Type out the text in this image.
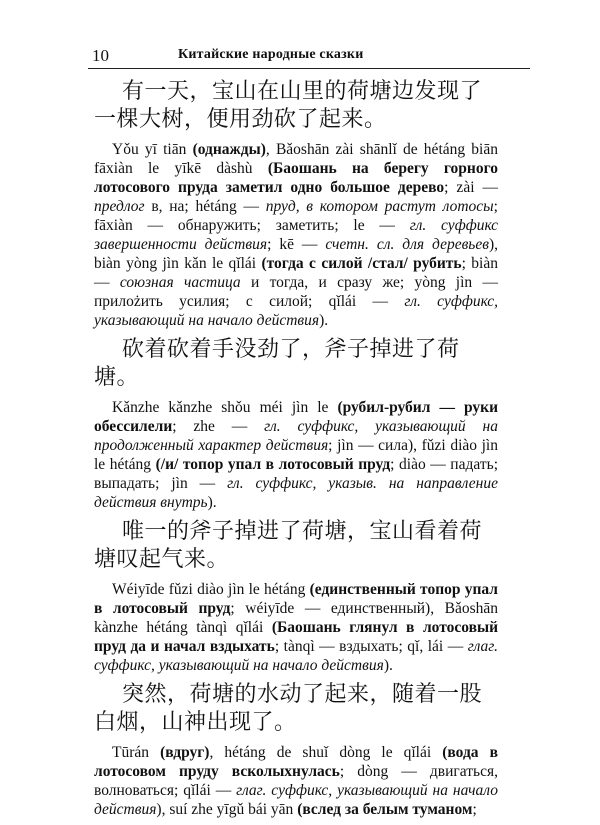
10	Китайские народные сказки

有一天，宝山在山里的荷塘边发现了一棵大树，便用劲砍了起来。

Yǒu yī tiān (однажды), Bǎoshān zài shānlǐ de hétáng biān fāxiàn le yīkē dàshù (Баошань на берегу горного лотосового пруда заметил одно большое дерево; zài — предлог в, на; hétáng — пруд, в котором растут лотосы; fāxiàn — обнаружить; заметить; le — гл. суффикс завершенности действия; kē — счетн. сл. для деревьев), biàn yòng jìn kǎn le qǐlái (тогда с силой /стал/ рубить; biàn — союзная частица и тогда, и сразу же; yòng jìn — прилożить усилия; с силой; qǐlái — гл. суффикс, указывающий на начало действия).

砍着砍着手没劲了，斧子掉进了荷塘。

Kǎnzhe kǎnzhe shǒu méi jìn le (рубил-рубил — руки обессилели; zhe — гл. суффикс, указывающий на продолженный характер действия; jìn — сила), fǔzi diào jìn le hétáng (/и/ топор упал в лотосовый пруд; diào — падать; выпадать; jìn — гл. суффикс, указыв. на направление действия внутрь).

唯一的斧子掉进了荷塘，宝山看着荷塘叹起气来。

Wéiyīde fǔzi diào jìn le hétáng (единственный топор упал в лотосовый пруд; wéiyīde — единственный), Bǎoshān kànzhe hétáng tànqì qǐlái (Баошань глянул в лотосовый пруд да и начал вздыхать; tànqì — вздыхать; qǐ, lái — глаг. суффикс, указывающий на начало действия).

突然，荷塘的水动了起来，随着一股白烟，山神出现了。

Tūrán (вдруг), hétáng de shuǐ dòng le qǐlái (вода в лотосовом пруду всколыхнулась; dòng — двигаться, волноваться; qǐlái — глаг. суффикс, указывающий на начало действия), suí zhe yīgǔ bái yān (вслед за белым туманом;
